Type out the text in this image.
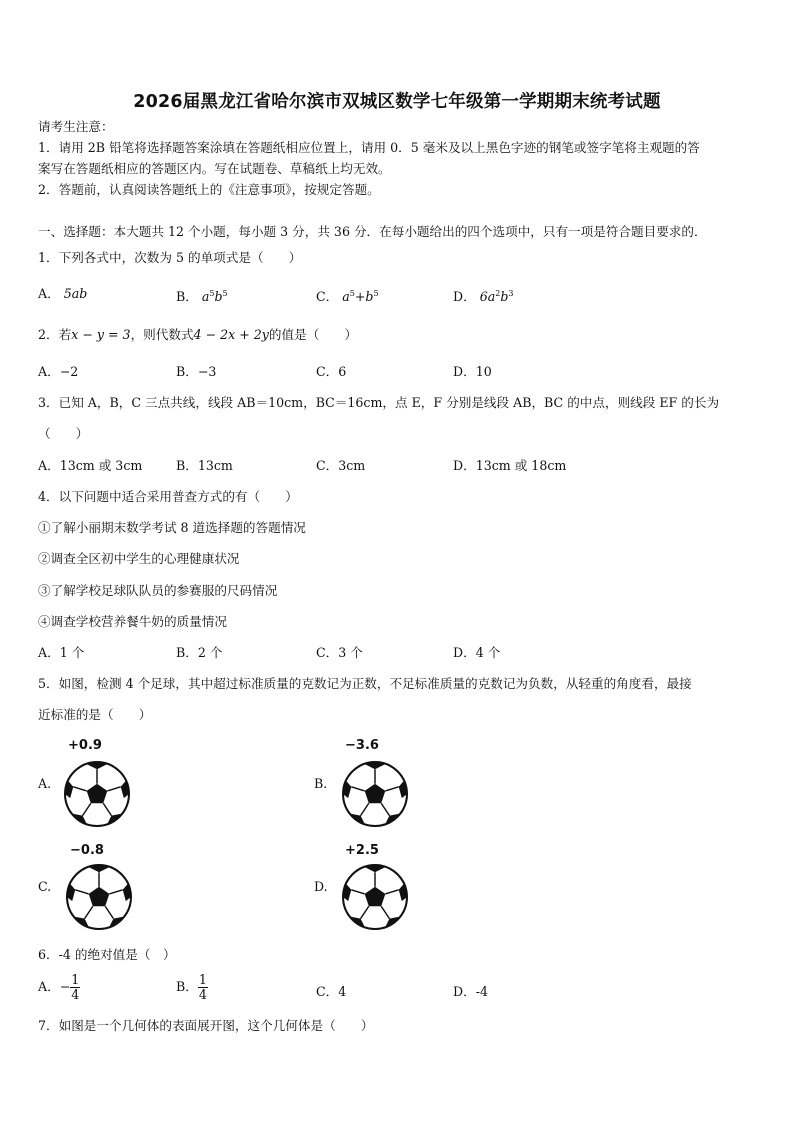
2026届黑龙江省哈尔滨市双城区数学七年级第一学期期末统考试题
请考生注意：
1．请用 2B 铅笔将选择题答案涂填在答题纸相应位置上，请用 0．5 毫米及以上黑色字迹的钢笔或签字笔将主观题的答
案写在答题纸相应的答题区内。写在试题卷、草稿纸上均无效。
2．答题前，认真阅读答题纸上的《注意事项》，按规定答题。
一、选择题：本大题共 12 个小题，每小题 3 分，共 36 分．在每小题给出的四个选项中，只有一项是符合题目要求的．
1．下列各式中，次数为 5 的单项式是（　　）
A． 5ab	B． $a^5b^5$	C． $a^5+b^5$	D． $6a^2b^3$
2．若x − y = 3，则代数式4 − 2x + 2y的值是（　　）
A．−2	B．−3	C．6	D．10
3．已知 A，B，C 三点共线，线段 AB＝10cm，BC＝16cm，点 E，F 分别是线段 AB，BC 的中点，则线段 EF 的长为
（　　）
A．13cm 或 3cm	B．13cm	C．3cm	D．13cm 或 18cm
4．以下问题中适合采用普查方式的有（　　）
①了解小丽期末数学考试 8 道选择题的答题情况
②调查全区初中学生的心理健康状况
③了解学校足球队队员的参赛服的尺码情况
④调查学校营养餐牛奶的质量情况
A．1 个	B．2 个	C．3 个	D．4 个
5．如图，检测 4 个足球，其中超过标准质量的克数记为正数，不足标准质量的克数记为负数，从轻重的角度看，最接
近标准的是（　　）
A.
+0.9
B.
−3.6
C.
−0.8
D.
+2.5
6．-4 的绝对值是（　）
A．− $\frac{1}{4}$	B． $\frac{1}{4}$	C．4	D．-4
7．如图是一个几何体的表面展开图，这个几何体是（　　）
